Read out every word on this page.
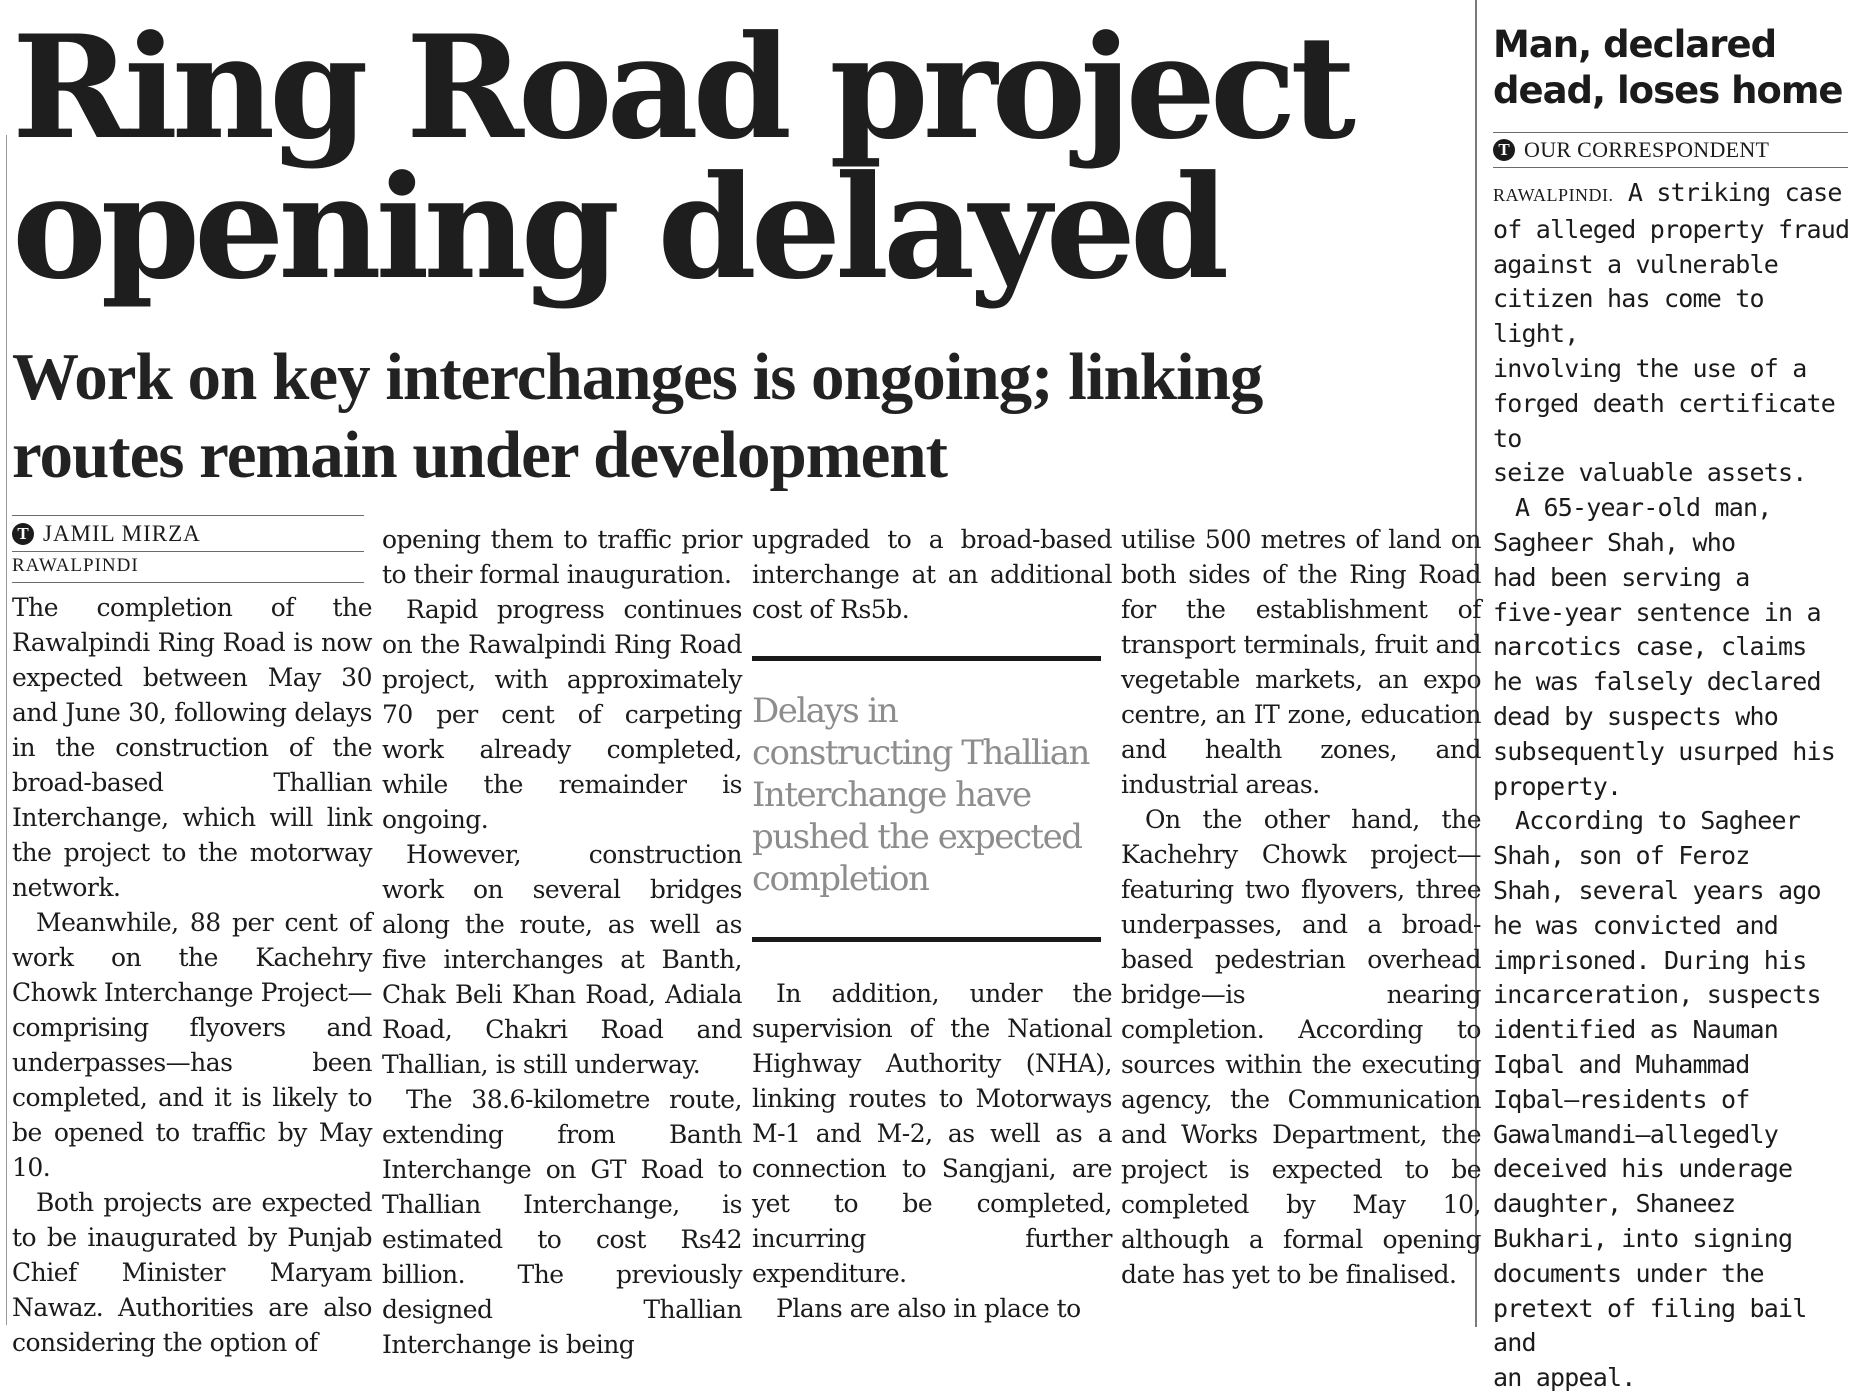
Ring Road project
opening delayed
Work on key interchanges is ongoing; linking
routes remain under development
T JAMIL MIRZA
RAWALPINDI

The completion of the Rawalpindi Ring Road is now expected between May 30 and June 30, following delays in the construction of the broad-based Thallian Interchange, which will link the project to the motorway network.

Meanwhile, 88 per cent of work on the Kachehry Chowk Interchange Project—comprising flyovers and underpasses—has been completed, and it is likely to be opened to traffic by May 10.

Both projects are expected to be inaugurated by Punjab Chief Minister Maryam Nawaz. Authorities are also considering the option of

opening them to traffic prior to their formal inauguration.

Rapid progress continues on the Rawalpindi Ring Road project, with approximately 70 per cent of carpeting work already completed, while the remainder is ongoing.

However, construction work on several bridges along the route, as well as five interchanges at Banth, Chak Beli Khan Road, Adiala Road, Chakri Road and Thallian, is still underway.

The 38.6-kilometre route, extending from Banth Interchange on GT Road to Thallian Interchange, is estimated to cost Rs42 billion. The previously designed Thallian Interchange is being

upgraded to a broad-based interchange at an additional cost of Rs5b.

Delays in constructing Thallian Interchange have pushed the expected completion

In addition, under the supervision of the National Highway Authority (NHA), linking routes to Motorways M-1 and M-2, as well as a connection to Sangjani, are yet to be completed, incurring further expenditure.

Plans are also in place to

utilise 500 metres of land on both sides of the Ring Road for the establishment of transport terminals, fruit and vegetable markets, an expo centre, an IT zone, education and health zones, and industrial areas.

On the other hand, the Kachehry Chowk project—featuring two flyovers, three underpasses, and a broad-based pedestrian overhead bridge—is nearing completion. According to sources within the executing agency, the Communication and Works Department, the project is expected to be completed by May 10, although a formal opening date has yet to be finalised.

Man, declared dead, loses home
T OUR CORRESPONDENT

RAWALPINDI. A striking case
of alleged property fraud
against a vulnerable
citizen has come to light,
involving the use of a
forged death certificate to
seize valuable assets.

A 65-year-old man,
Sagheer Shah, who
had been serving a
five-year sentence in a
narcotics case, claims
he was falsely declared
dead by suspects who
subsequently usurped his
property.

According to Sagheer
Shah, son of Feroz
Shah, several years ago
he was convicted and
imprisoned. During his
incarceration, suspects
identified as Nauman
Iqbal and Muhammad
Iqbal—residents of
Gawalmandi—allegedly
deceived his underage
daughter, Shaneez
Bukhari, into signing
documents under the
pretext of filing bail and
an appeal.
